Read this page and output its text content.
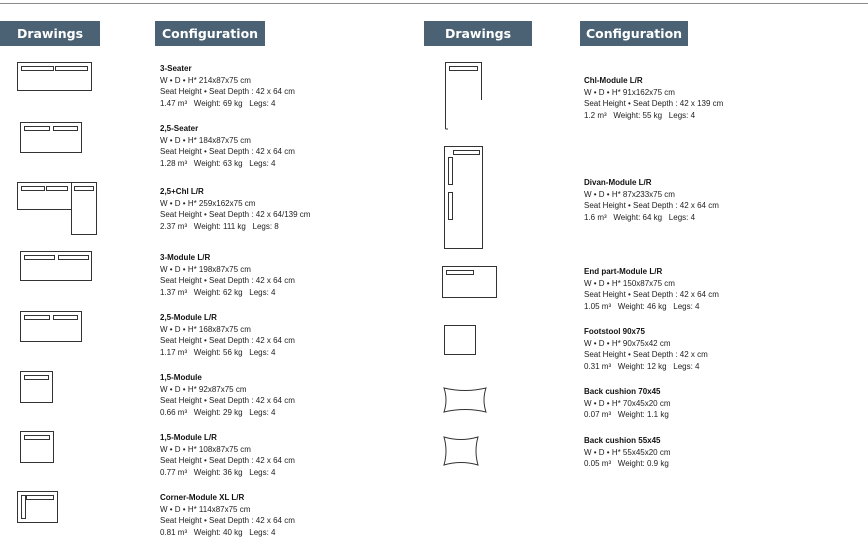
Drawings	Configuration	Drawings	Configuration
3-Seater
W • D • H* 214x87x75 cm
Seat Height • Seat Depth : 42 x 64 cm
1.47 m³ Weight: 69 kg Legs: 4
2,5-Seater
W • D • H* 184x87x75 cm
Seat Height • Seat Depth : 42 x 64 cm
1.28 m³ Weight: 63 kg Legs: 4
2,5+Chl L/R
W • D • H* 259x162x75 cm
Seat Height • Seat Depth : 42 x 64/139 cm
2.37 m³ Weight: 111 kg Legs: 8
3-Module L/R
W • D • H* 198x87x75 cm
Seat Height • Seat Depth : 42 x 64 cm
1.37 m³ Weight: 62 kg Legs: 4
2,5-Module L/R
W • D • H* 168x87x75 cm
Seat Height • Seat Depth : 42 x 64 cm
1.17 m³ Weight: 56 kg Legs: 4
1,5-Module
W • D • H* 92x87x75 cm
Seat Height • Seat Depth : 42 x 64 cm
0.66 m³ Weight: 29 kg Legs: 4
1,5-Module L/R
W • D • H* 108x87x75 cm
Seat Height • Seat Depth : 42 x 64 cm
0.77 m³ Weight: 36 kg Legs: 4
Corner-Module XL L/R
W • D • H* 114x87x75 cm
Seat Height • Seat Depth : 42 x 64 cm
0.81 m³ Weight: 40 kg Legs: 4
Chl-Module L/R
W • D • H* 91x162x75 cm
Seat Height • Seat Depth : 42 x 139 cm
1.2 m³ Weight: 55 kg Legs: 4
Divan-Module L/R
W • D • H* 87x233x75 cm
Seat Height • Seat Depth : 42 x 64 cm
1.6 m³ Weight: 64 kg Legs: 4
End part-Module L/R
W • D • H* 150x87x75 cm
Seat Height • Seat Depth : 42 x 64 cm
1.05 m³ Weight: 46 kg Legs: 4
Footstool 90x75
W • D • H* 90x75x42 cm
Seat Height • Seat Depth : 42 x cm
0.31 m³ Weight: 12 kg Legs: 4
Back cushion 70x45
W • D • H* 70x45x20 cm
0.07 m³ Weight: 1.1 kg
Back cushion 55x45
W • D • H* 55x45x20 cm
0.05 m³ Weight: 0.9 kg
